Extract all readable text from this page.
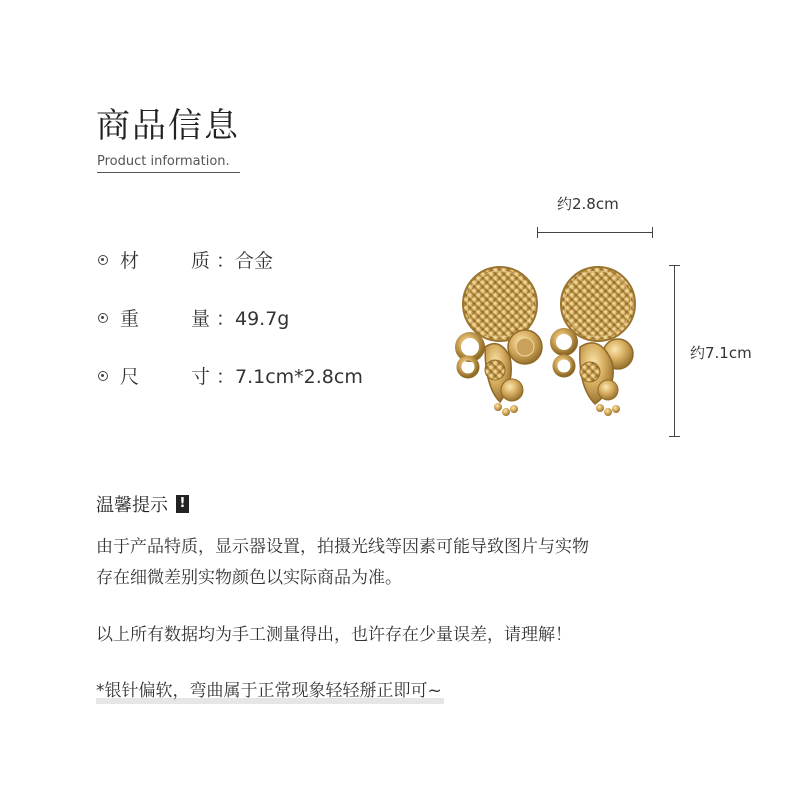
商品信息
Product information.
材	质 ：合金
重	量 ：49.7g
尺	寸 ：7.1cm*2.8cm
约2.8cm
约7.1cm
温馨提示 !
由于产品特质，显示器设置，拍摄光线等因素可能导致图片与实物
存在细微差别实物颜色以实际商品为准。
以上所有数据均为手工测量得出，也许存在少量误差，请理解！
*银针偏软，弯曲属于正常现象轻轻掰正即可~
